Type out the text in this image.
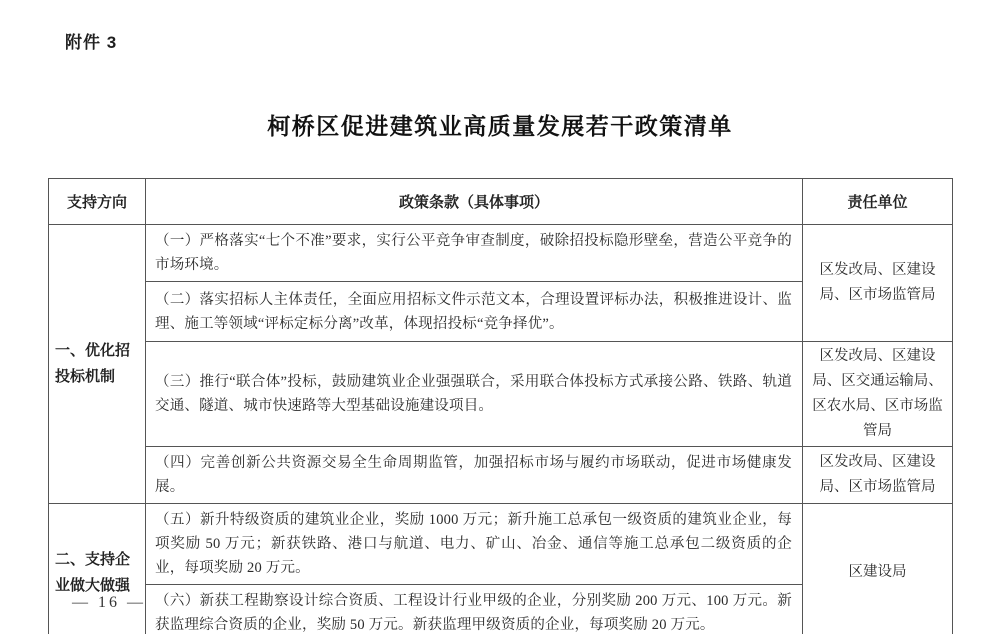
附件 3
柯桥区促进建筑业高质量发展若干政策清单
支持方向	政策条款（具体事项）	责任单位
一、优化招投标机制	（一）严格落实“七个不准”要求，实行公平竞争审查制度，破除招投标隐形壁垒，营造公平竞争的市场环境。	区发改局、区建设局、区市场监管局
	（二）落实招标人主体责任，全面应用招标文件示范文本，合理设置评标办法，积极推进设计、监理、施工等领域“评标定标分离”改革，体现招投标“竞争择优”。	
	（三）推行“联合体”投标，鼓励建筑业企业强强联合，采用联合体投标方式承接公路、铁路、轨道交通、隧道、城市快速路等大型基础设施建设项目。	区发改局、区建设局、区交通运输局、区农水局、区市场监管局
	（四）完善创新公共资源交易全生命周期监管，加强招标市场与履约市场联动，促进市场健康发展。	区发改局、区建设局、区市场监管局
二、支持企业做大做强	（五）新升特级资质的建筑业企业，奖励 1000 万元；新升施工总承包一级资质的建筑业企业，每项奖励 50 万元；新获铁路、港口与航道、电力、矿山、冶金、通信等施工总承包二级资质的企业，每项奖励 20 万元。	区建设局
	（六）新获工程勘察设计综合资质、工程设计行业甲级的企业，分别奖励 200 万元、100 万元。新获监理综合资质的企业，奖励 50 万元。新获监理甲级资质的企业，每项奖励 20 万元。	
— 16 —
